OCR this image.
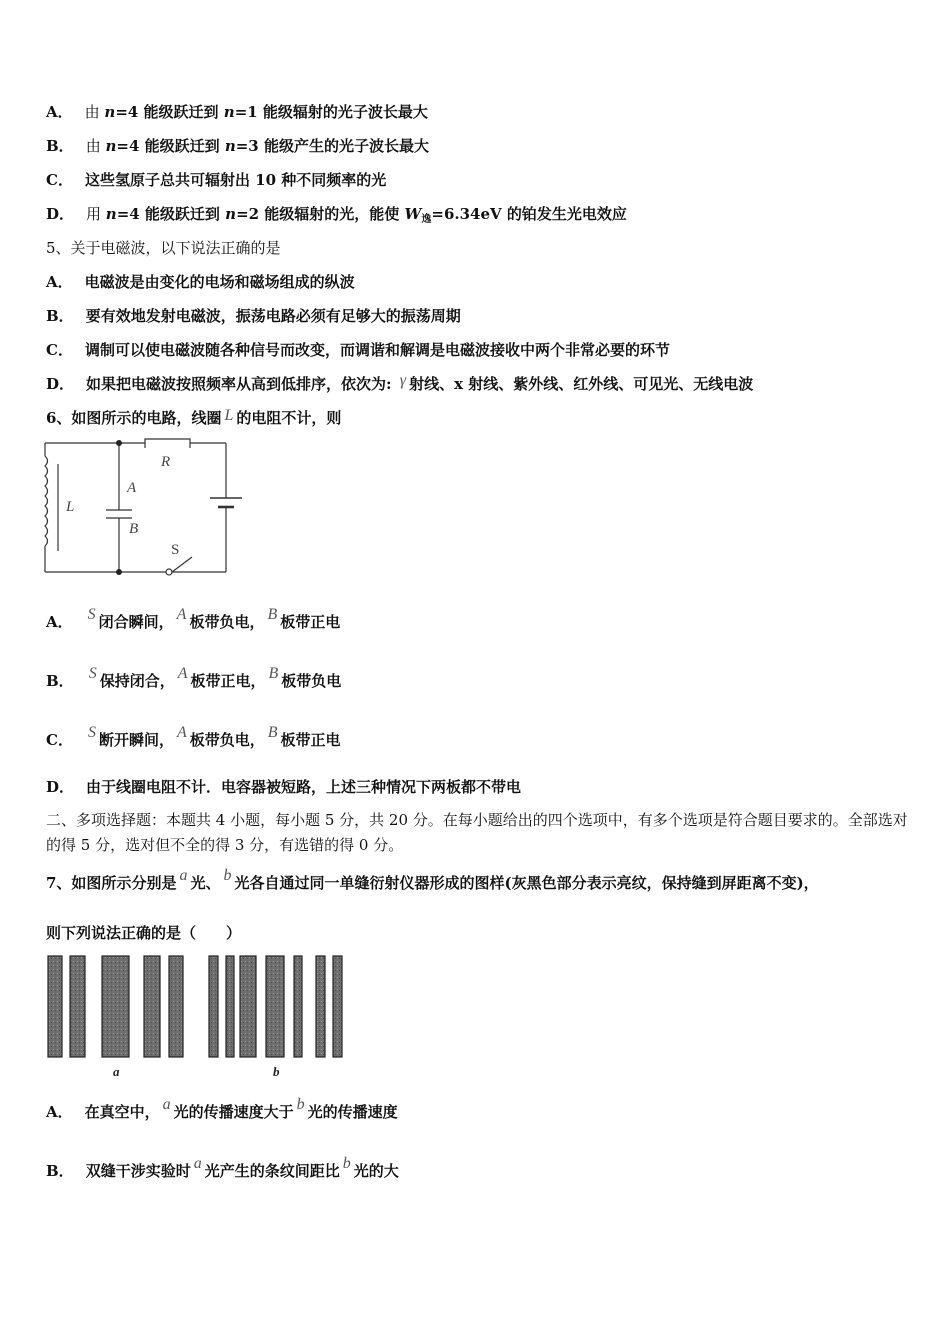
A． 由 n=4 能级跃迁到 n=1 能级辐射的光子波长最大
B． 由 n=4 能级跃迁到 n=3 能级产生的光子波长最大
C． 这些氢原子总共可辐射出 10 种不同频率的光
D． 用 n=4 能级跃迁到 n=2 能级辐射的光，能使 $W_逸=6.34eV$ 的铂发生光电效应
5、关于电磁波，以下说法正确的是
A． 电磁波是由变化的电场和磁场组成的纵波
B． 要有效地发射电磁波，振荡电路必须有足够大的振荡周期
C． 调制可以使电磁波随各种信号而改变，而调谐和解调是电磁波接收中两个非常必要的环节
D． 如果把电磁波按照频率从高到低排序，依次为: γ 射线、x 射线、紫外线、红外线、可见光、无线电波
6、如图所示的电路，线圈 L 的电阻不计，则
R
A
B
L
S
A． S 闭合瞬间， A 板带负电， B 板带正电
B． S 保持闭合， A 板带正电， B 板带负电
C． S 断开瞬间， A 板带负电， B 板带正电
D． 由于线圈电阻不计．电容器被短路，上述三种情况下两板都不带电
二、多项选择题：本题共 4 小题，每小题 5 分，共 20 分。在每小题给出的四个选项中，有多个选项是符合题目要求的。全部选对的得 5 分，选对但不全的得 3 分，有选错的得 0 分。
7、如图所示分别是 a 光、 b 光各自通过同一单缝衍射仪器形成的图样(灰黑色部分表示亮纹，保持缝到屏距离不变)，
则下列说法正确的是（　　）
a	b
A． 在真空中， a 光的传播速度大于 b 光的传播速度
B． 双缝干涉实验时 a 光产生的条纹间距比 b 光的大
